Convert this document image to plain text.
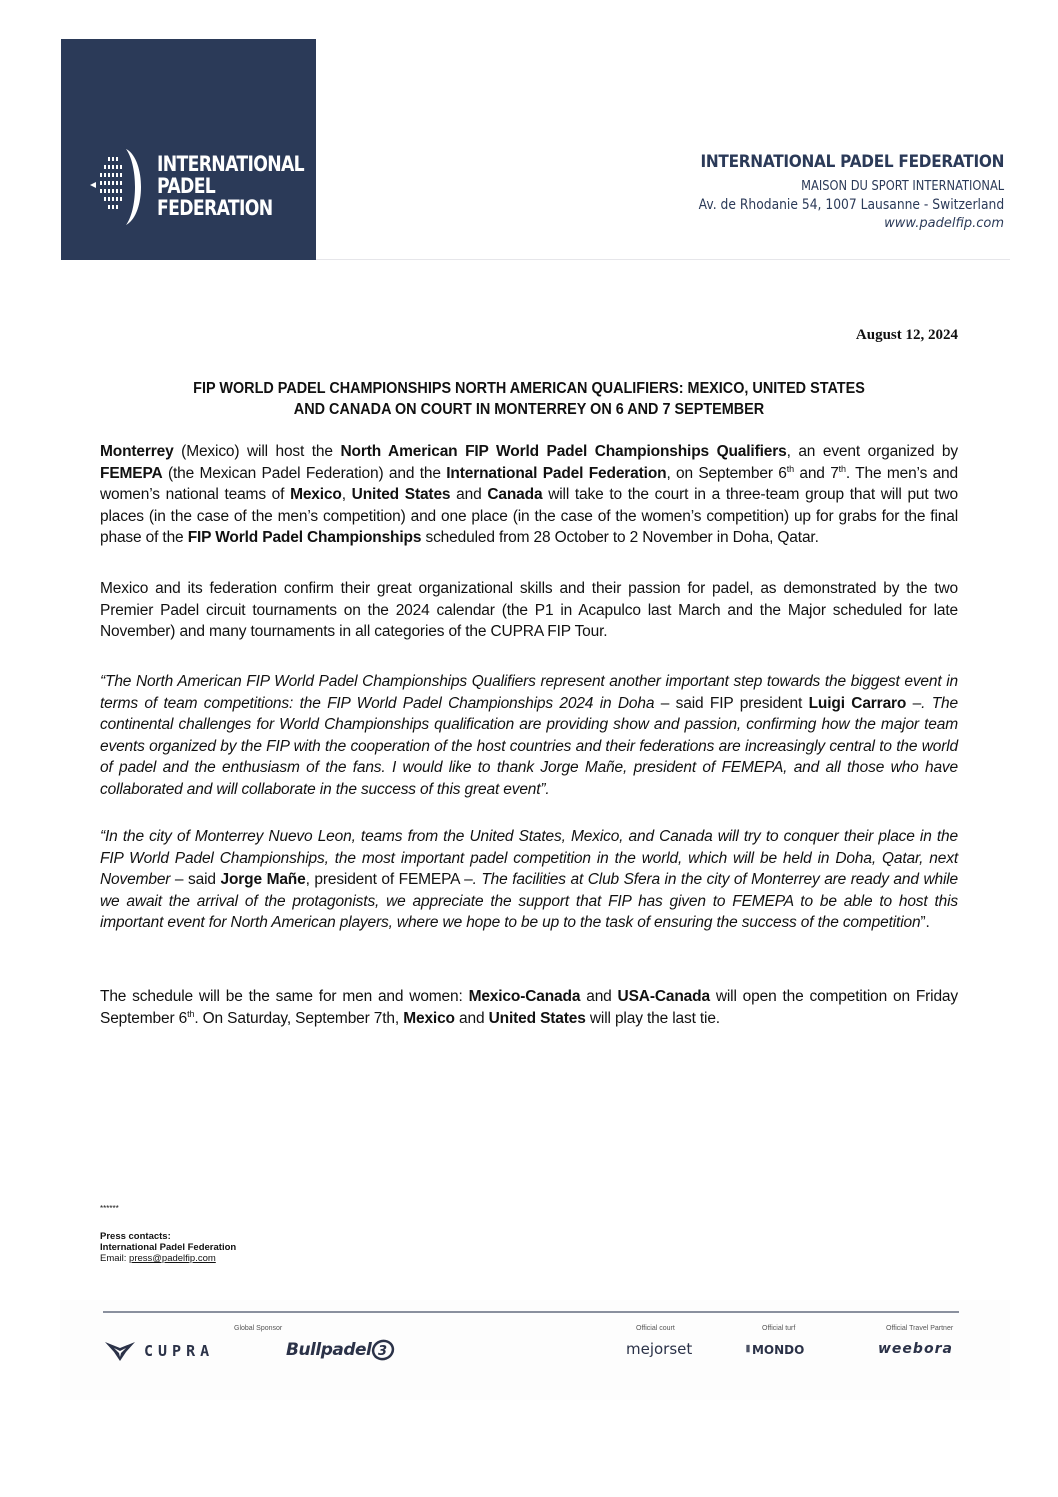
INTERNATIONAL
PADEL
FEDERATION
INTERNATIONAL PADEL FEDERATION
MAISON DU SPORT INTERNATIONAL
Av. de Rhodanie 54, 1007 Lausanne - Switzerland
www.padelfip.com
August 12, 2024
FIP WORLD PADEL CHAMPIONSHIPS NORTH AMERICAN QUALIFIERS: MEXICO, UNITED STATES
AND CANADA ON COURT IN MONTERREY ON 6 AND 7 SEPTEMBER
Monterrey (Mexico) will host the North American FIP World Padel Championships Qualifiers, an event organized by FEMEPA (the Mexican Padel Federation) and the International Padel Federation, on September 6th and 7th. The men’s and women’s national teams of Mexico, United States and Canada will take to the court in a three-team group that will put two places (in the case of the men’s competition) and one place (in the case of the women’s competition) up for grabs for the final phase of the FIP World Padel Championships scheduled from 28 October to 2 November in Doha, Qatar.
Mexico and its federation confirm their great organizational skills and their passion for padel, as demonstrated by the two Premier Padel circuit tournaments on the 2024 calendar (the P1 in Acapulco last March and the Major scheduled for late November) and many tournaments in all categories of the CUPRA FIP Tour.
“The North American FIP World Padel Championships Qualifiers represent another important step towards the biggest event in terms of team competitions: the FIP World Padel Championships 2024 in Doha – said FIP president Luigi Carraro –. The continental challenges for World Championships qualification are providing show and passion, confirming how the major team events organized by the FIP with the cooperation of the host countries and their federations are increasingly central to the world of padel and the enthusiasm of the fans. I would like to thank Jorge Mañe, president of FEMEPA, and all those who have collaborated and will collaborate in the success of this great event”.
“In the city of Monterrey Nuevo Leon, teams from the United States, Mexico, and Canada will try to conquer their place in the FIP World Padel Championships, the most important padel competition in the world, which will be held in Doha, Qatar, next November – said Jorge Mañe, president of FEMEPA –. The facilities at Club Sfera in the city of Monterrey are ready and while we await the arrival of the protagonists, we appreciate the support that FIP has given to FEMEPA to be able to host this important event for North American players, where we hope to be up to the task of ensuring the success of the competition”.
The schedule will be the same for men and women: Mexico-Canada and USA-Canada will open the competition on Friday September 6th. On Saturday, September 7th, Mexico and United States will play the last tie.
******
Press contacts:
International Padel Federation
Email: press@padelfip.com
Global Sponsor	Official court	Official turf	Official Travel Partner
CUPRA	Bullpadel 3	mejorset	⦀ MONDO	weebora
